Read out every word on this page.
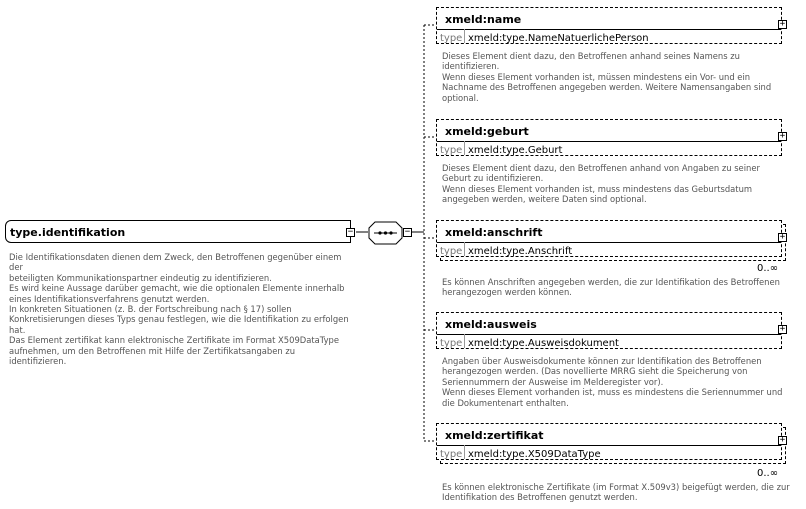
type.identifikation	−	−
Die Identifikationsdaten dienen dem Zweck, den Betroffenen gegenüber einem der
beteiligten Kommunikationspartner eindeutig zu identifizieren.
Es wird keine Aussage darüber gemacht, wie die optionalen Elemente innerhalb
eines Identifikationsverfahrens genutzt werden.
In konkreten Situationen (z. B. der Fortschreibung nach § 17) sollen
Konkretisierungen dieses Typs genau festlegen, wie die Identifikation zu erfolgen
hat.
Das Element zertifikat kann elektronische Zertifikate im Format X509DataType
aufnehmen, um den Betroffenen mit Hilfe der Zertifikatsangaben zu identifizieren.
xmeld:name
type xmeld:type.NameNatuerlichePerson
+
Dieses Element dient dazu, den Betroffenen anhand seines Namens zu
identifizieren.
Wenn dieses Element vorhanden ist, müssen mindestens ein Vor- und ein
Nachname des Betroffenen angegeben werden. Weitere Namensangaben sind
optional.
xmeld:geburt
type xmeld:type.Geburt
+
Dieses Element dient dazu, den Betroffenen anhand von Angaben zu seiner
Geburt zu identifizieren.
Wenn dieses Element vorhanden ist, muss mindestens das Geburtsdatum
angegeben werden, weitere Daten sind optional.
xmeld:anschrift
type xmeld:type.Anschrift
+
0..∞
Es können Anschriften angegeben werden, die zur Identifikation des Betroffenen
herangezogen werden können.
xmeld:ausweis
type xmeld:type.Ausweisdokument
+
Angaben über Ausweisdokumente können zur Identifikation des Betroffenen
herangezogen werden. (Das novellierte MRRG sieht die Speicherung von
Seriennummern der Ausweise im Melderegister vor).
Wenn dieses Element vorhanden ist, muss es mindestens die Seriennummer und
die Dokumentenart enthalten.
xmeld:zertifikat
type xmeld:type.X509DataType
+
0..∞
Es können elektronische Zertifikate (im Format X.509v3) beigefügt werden, die zur
Identifikation des Betroffenen genutzt werden.
